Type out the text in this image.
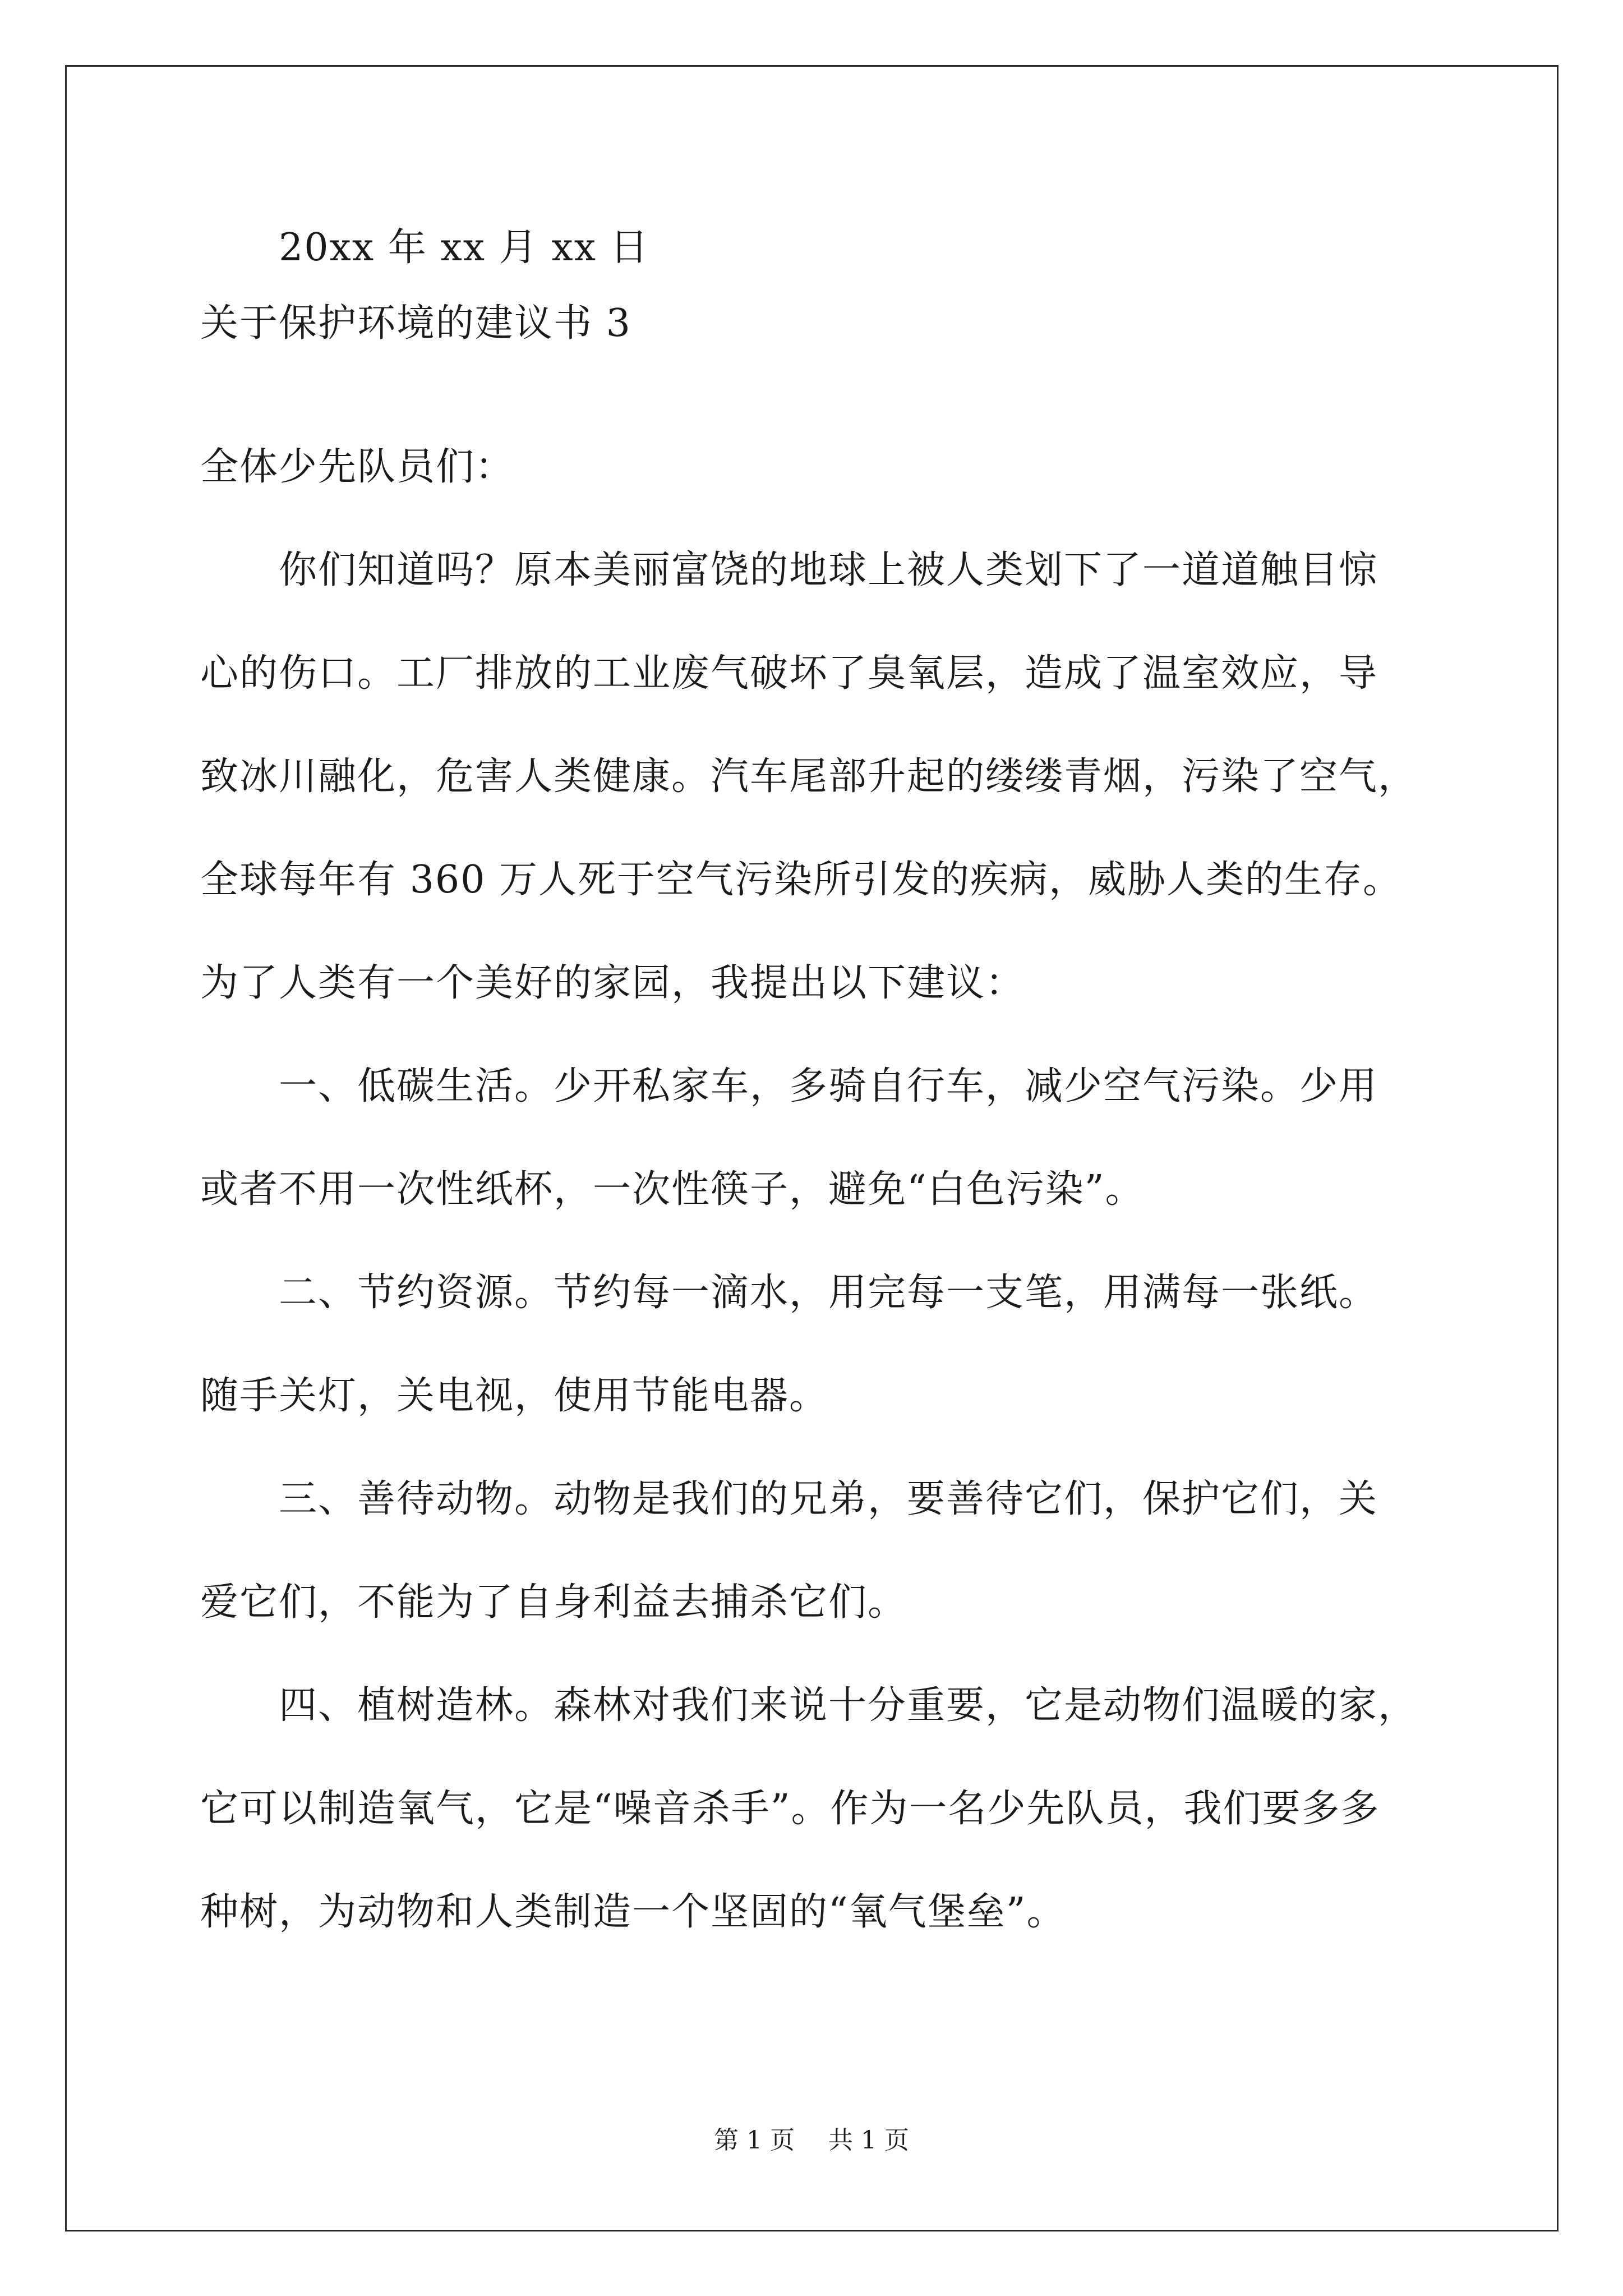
20xx 年 xx 月 xx 日
关于保护环境的建议书 3
全体少先队员们：
你们知道吗？原本美丽富饶的地球上被人类划下了一道道触目惊
心的伤口。工厂排放的工业废气破坏了臭氧层，造成了温室效应，导
致冰川融化，危害人类健康。汽车尾部升起的缕缕青烟，污染了空气，
全球每年有 360 万人死于空气污染所引发的疾病，威胁人类的生存。
为了人类有一个美好的家园，我提出以下建议：
一、低碳生活。少开私家车，多骑自行车，减少空气污染。少用
或者不用一次性纸杯，一次性筷子，避免“白色污染”。
二、节约资源。节约每一滴水，用完每一支笔，用满每一张纸。
随手关灯，关电视，使用节能电器。
三、善待动物。动物是我们的兄弟，要善待它们，保护它们，关
爱它们，不能为了自身利益去捕杀它们。
四、植树造林。森林对我们来说十分重要，它是动物们温暖的家，
它可以制造氧气，它是“噪音杀手”。作为一名少先队员，我们要多多
种树，为动物和人类制造一个坚固的“氧气堡垒”。
第 1 页 共 1 页
